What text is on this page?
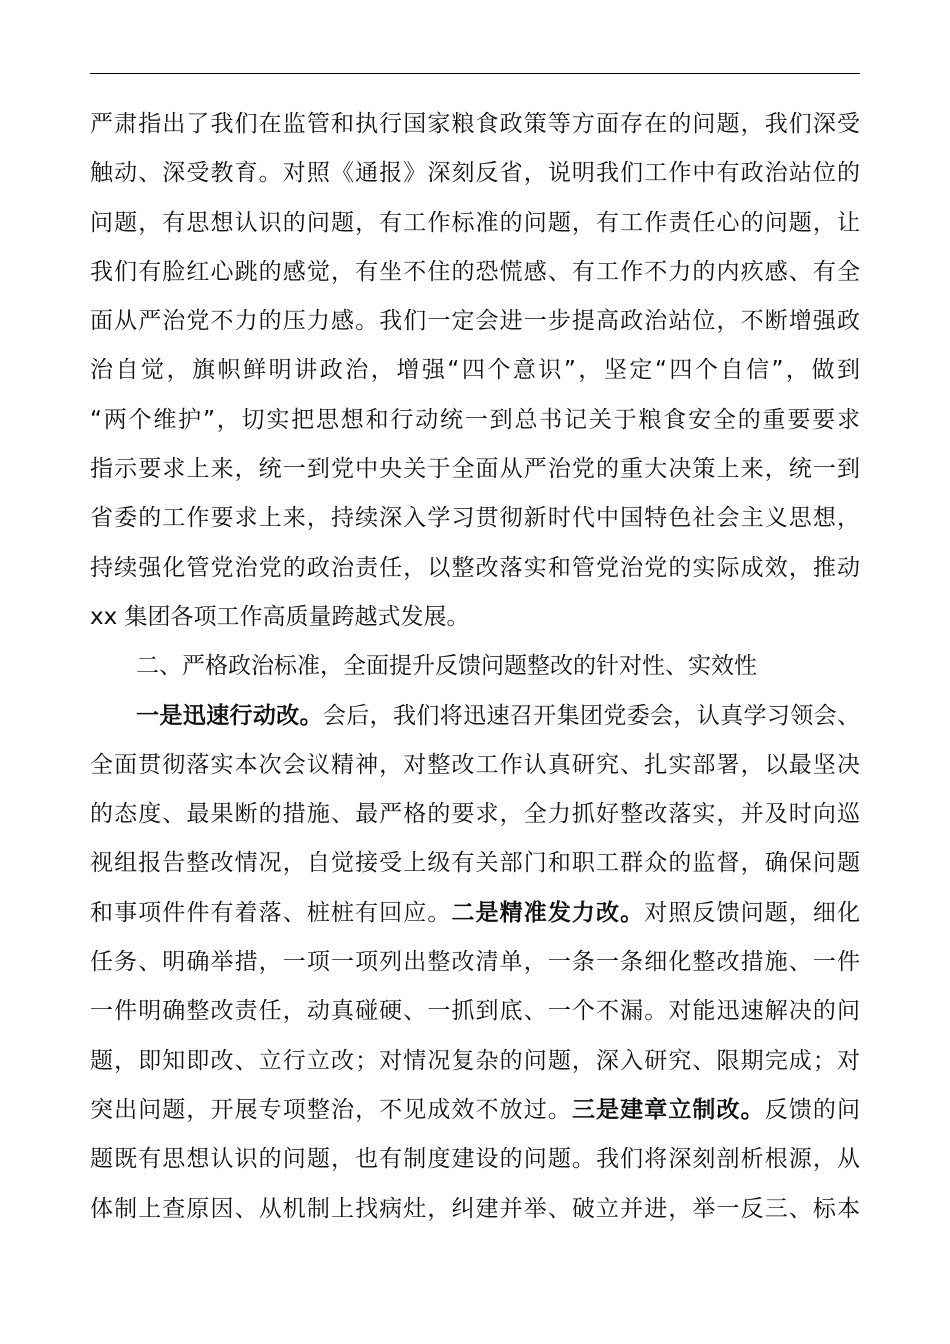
严肃指出了我们在监管和执行国家粮食政策等方面存在的问题，我们深受
触动、深受教育。对照《通报》深刻反省，说明我们工作中有政治站位的
问题，有思想认识的问题，有工作标准的问题，有工作责任心的问题，让
我们有脸红心跳的感觉，有坐不住的恐慌感、有工作不力的内疚感、有全
面从严治党不力的压力感。我们一定会进一步提高政治站位，不断增强政
治自觉，旗帜鲜明讲政治，增强“四个意识”，坚定“四个自信”，做到
“两个维护”，切实把思想和行动统一到总书记关于粮食安全的重要要求
指示要求上来，统一到党中央关于全面从严治党的重大决策上来，统一到
省委的工作要求上来，持续深入学习贯彻新时代中国特色社会主义思想，
持续强化管党治党的政治责任，以整改落实和管党治党的实际成效，推动
xx 集团各项工作高质量跨越式发展。
二、严格政治标准，全面提升反馈问题整改的针对性、实效性
一是迅速行动改。会后，我们将迅速召开集团党委会，认真学习领会、
全面贯彻落实本次会议精神，对整改工作认真研究、扎实部署，以最坚决
的态度、最果断的措施、最严格的要求，全力抓好整改落实，并及时向巡
视组报告整改情况，自觉接受上级有关部门和职工群众的监督，确保问题
和事项件件有着落、桩桩有回应。二是精准发力改。对照反馈问题，细化
任务、明确举措，一项一项列出整改清单，一条一条细化整改措施、一件
一件明确整改责任，动真碰硬、一抓到底、一个不漏。对能迅速解决的问
题，即知即改、立行立改；对情况复杂的问题，深入研究、限期完成；对
突出问题，开展专项整治，不见成效不放过。三是建章立制改。反馈的问
题既有思想认识的问题，也有制度建设的问题。我们将深刻剖析根源，从
体制上查原因、从机制上找病灶，纠建并举、破立并进，举一反三、标本
